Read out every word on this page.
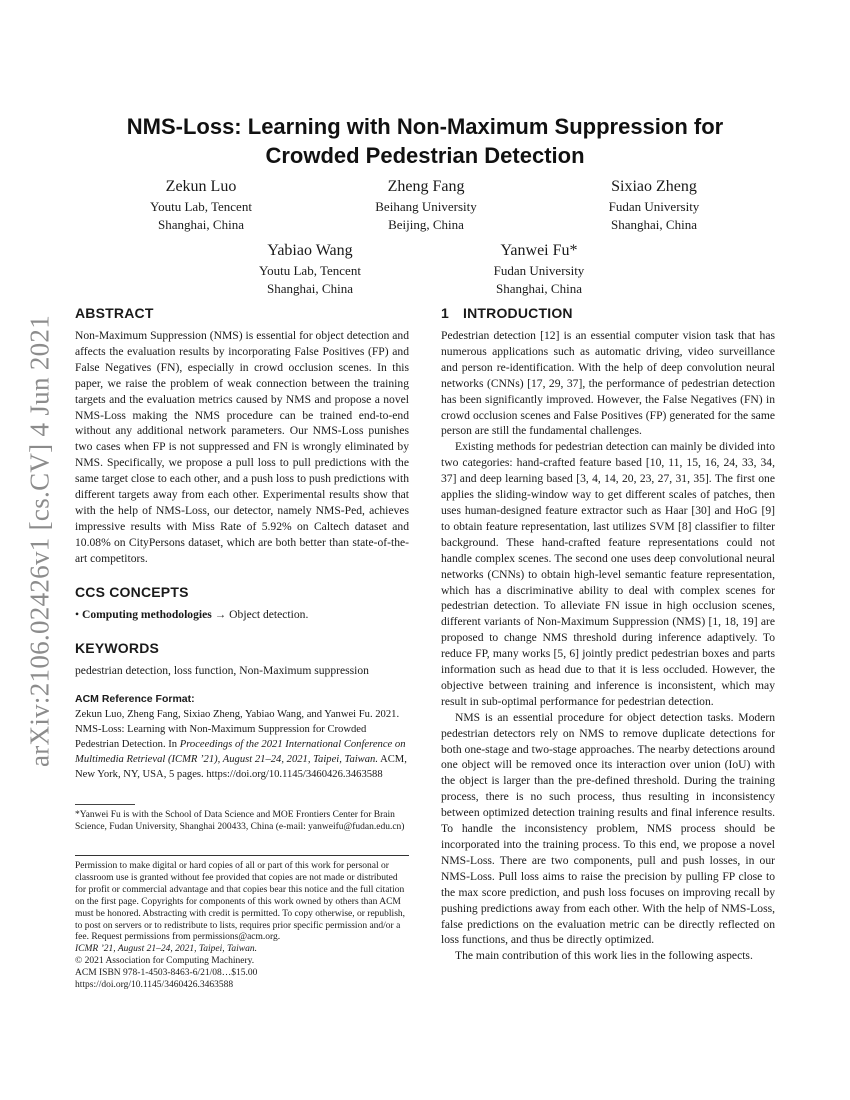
arXiv:2106.02426v1 [cs.CV] 4 Jun 2021
NMS-Loss: Learning with Non-Maximum Suppression for
Crowded Pedestrian Detection
Zekun Luo
Youtu Lab, Tencent
Shanghai, China
Zheng Fang
Beihang University
Beijing, China
Sixiao Zheng
Fudan University
Shanghai, China
Yabiao Wang
Youtu Lab, Tencent
Shanghai, China
Yanwei Fu*
Fudan University
Shanghai, China
ABSTRACT

Non-Maximum Suppression (NMS) is essential for object detection and affects the evaluation results by incorporating False Positives (FP) and False Negatives (FN), especially in crowd occlusion scenes. In this paper, we raise the problem of weak connection between the training targets and the evaluation metrics caused by NMS and propose a novel NMS-Loss making the NMS procedure can be trained end-to-end without any additional network parameters. Our NMS-Loss punishes two cases when FP is not suppressed and FN is wrongly eliminated by NMS. Specifically, we propose a pull loss to pull predictions with the same target close to each other, and a push loss to push predictions with different targets away from each other. Experimental results show that with the help of NMS-Loss, our detector, namely NMS-Ped, achieves impressive results with Miss Rate of 5.92% on Caltech dataset and 10.08% on CityPersons dataset, which are both better than state-of-the-art competitors.

CCS CONCEPTS
• Computing methodologies → Object detection.
KEYWORDS

pedestrian detection, loss function, Non-Maximum suppression

ACM Reference Format:

Zekun Luo, Zheng Fang, Sixiao Zheng, Yabiao Wang, and Yanwei Fu. 2021. NMS-Loss: Learning with Non-Maximum Suppression for Crowded Pedestrian Detection. In Proceedings of the 2021 International Conference on Multimedia Retrieval (ICMR ’21), August 21–24, 2021, Taipei, Taiwan. ACM, New York, NY, USA, 5 pages. https://doi.org/10.1145/3460426.3463588

*Yanwei Fu is with the School of Data Science and MOE Frontiers Center for Brain Science, Fudan University, Shanghai 200433, China (e-mail: yanweifu@fudan.edu.cn)

Permission to make digital or hard copies of all or part of this work for personal or classroom use is granted without fee provided that copies are not made or distributed for profit or commercial advantage and that copies bear this notice and the full citation on the first page. Copyrights for components of this work owned by others than ACM must be honored. Abstracting with credit is permitted. To copy otherwise, or republish, to post on servers or to redistribute to lists, requires prior specific permission and/or a fee. Request permissions from permissions@acm.org.

ICMR ’21, August 21–24, 2021, Taipei, Taiwan.

© 2021 Association for Computing Machinery.

ACM ISBN 978-1-4503-8463-6/21/08…$15.00

https://doi.org/10.1145/3460426.3463588

1 INTRODUCTION

Pedestrian detection [12] is an essential computer vision task that has numerous applications such as automatic driving, video surveillance and person re-identification. With the help of deep convolution neural networks (CNNs) [17, 29, 37], the performance of pedestrian detection has been significantly improved. However, the False Negatives (FN) in crowd occlusion scenes and False Positives (FP) generated for the same person are still the fundamental challenges.

Existing methods for pedestrian detection can mainly be divided into two categories: hand-crafted feature based [10, 11, 15, 16, 24, 33, 34, 37] and deep learning based [3, 4, 14, 20, 23, 27, 31, 35]. The first one applies the sliding-window way to get different scales of patches, then uses human-designed feature extractor such as Haar [30] and HoG [9] to obtain feature representation, last utilizes SVM [8] classifier to filter background. These hand-crafted feature representations could not handle complex scenes. The second one uses deep convolutional neural networks (CNNs) to obtain high-level semantic feature representation, which has a discriminative ability to deal with complex scenes for pedestrian detection. To alleviate FN issue in high occlusion scenes, different variants of Non-Maximum Suppression (NMS) [1, 18, 19] are proposed to change NMS threshold during inference adaptively. To reduce FP, many works [5, 6] jointly predict pedestrian boxes and parts information such as head due to that it is less occluded. However, the objective between training and inference is inconsistent, which may result in sub-optimal performance for pedestrian detection.

NMS is an essential procedure for object detection tasks. Modern pedestrian detectors rely on NMS to remove duplicate detections for both one-stage and two-stage approaches. The nearby detections around one object will be removed once its interaction over union (IoU) with the object is larger than the pre-defined threshold. During the training process, there is no such process, thus resulting in inconsistency between optimized detection training results and final inference results. To handle the inconsistency problem, NMS process should be incorporated into the training process. To this end, we propose a novel NMS-Loss. There are two components, pull and push losses, in our NMS-Loss. Pull loss aims to raise the precision by pulling FP close to the max score prediction, and push loss focuses on improving recall by pushing predictions away from each other. With the help of NMS-Loss, false predictions on the evaluation metric can be directly reflected on loss functions, and thus be directly optimized.

The main contribution of this work lies in the following aspects.
